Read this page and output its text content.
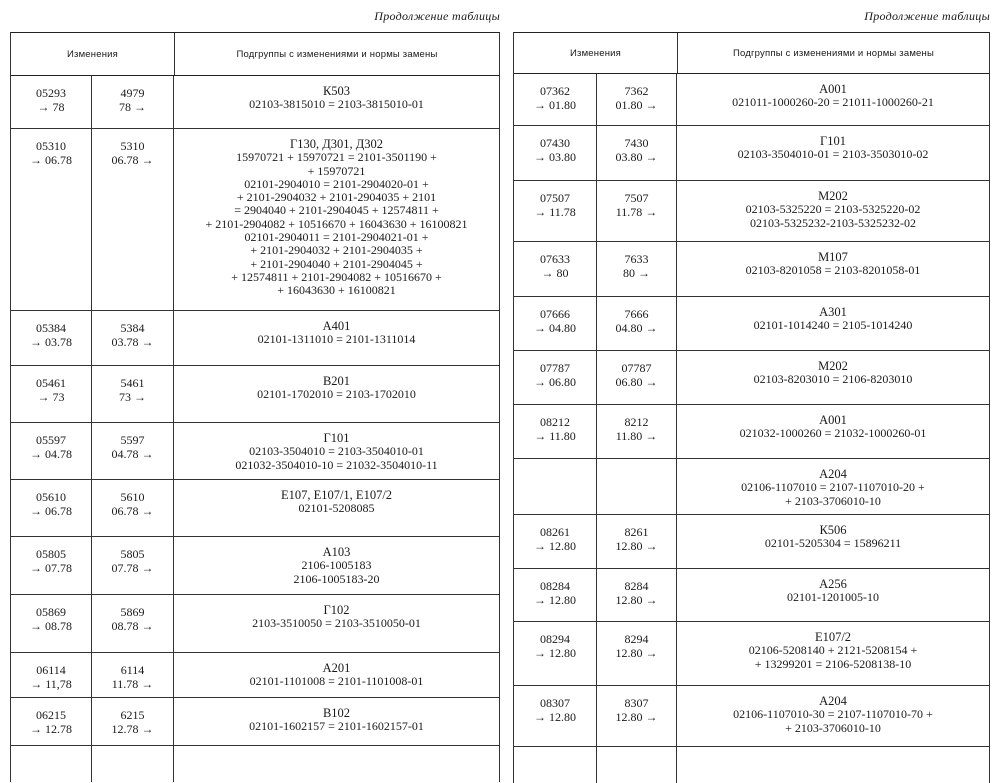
Продолжение таблицы
Изменения	Подгруппы с изменениями и нормы замены
05293
→ 78
4979
78 →
К503
02103-3815010 = 2103-3815010-01
05310
→ 06.78
5310
06.78 →
Г130, Д301, Д302
15970721 + 15970721 = 2101-3501190 +
+ 15970721
02101-2904010 = 2101-2904020-01 +
+ 2101-2904032 + 2101-2904035 + 2101
= 2904040 + 2101-2904045 + 12574811 +
+ 2101-2904082 + 10516670 + 16043630 + 16100821
02101-2904011 = 2101-2904021-01 +
+ 2101-2904032 + 2101-2904035 +
+ 2101-2904040 + 2101-2904045 +
+ 12574811 + 2101-2904082 + 10516670 +
+ 16043630 + 16100821
05384
→ 03.78
5384
03.78 →
А401
02101-1311010 = 2101-1311014
05461
→ 73
5461
73 →
В201
02101-1702010 = 2103-1702010
05597
→ 04.78
5597
04.78 →
Г101
02103-3504010 = 2103-3504010-01
021032-3504010-10 = 21032-3504010-11
05610
→ 06.78
5610
06.78 →
Е107, Е107/1, Е107/2
02101-5208085
05805
→ 07.78
5805
07.78 →
А103
2106-1005183
2106-1005183-20
05869
→ 08.78
5869
08.78 →
Г102
2103-3510050 = 2103-3510050-01
06114
→ 11,78
6114
11.78 →
А201
02101-1101008 = 2101-1101008-01
06215
→ 12.78
6215
12.78 →
В102
02101-1602157 = 2101-1602157-01
Продолжение таблицы
Изменения	Подгруппы с изменениями и нормы замены
07362
→ 01.80
7362
01.80 →
А001
021011-1000260-20 = 21011-1000260-21
07430
→ 03.80
7430
03.80 →
Г101
02103-3504010-01 = 2103-3503010-02
07507
→ 11.78
7507
11.78 →
М202
02103-5325220 = 2103-5325220-02
02103-5325232-2103-5325232-02
07633
→ 80
7633
80 →
М107
02103-8201058 = 2103-8201058-01
07666
→ 04.80
7666
04.80 →
А301
02101-1014240 = 2105-1014240
07787
→ 06.80
07787
06.80 →
М202
02103-8203010 = 2106-8203010
08212
→ 11.80
8212
11.80 →
А001
021032-1000260 = 21032-1000260-01
А204
02106-1107010 = 2107-1107010-20 +
+ 2103-3706010-10
08261
→ 12.80
8261
12.80 →
К506
02101-5205304 = 15896211
08284
→ 12.80
8284
12.80 →
А256
02101-1201005-10
08294
→ 12.80
8294
12.80 →
Е107/2
02106-5208140 + 2121-5208154 +
+ 13299201 = 2106-5208138-10
08307
→ 12.80
8307
12.80 →
А204
02106-1107010-30 = 2107-1107010-70 +
+ 2103-3706010-10
